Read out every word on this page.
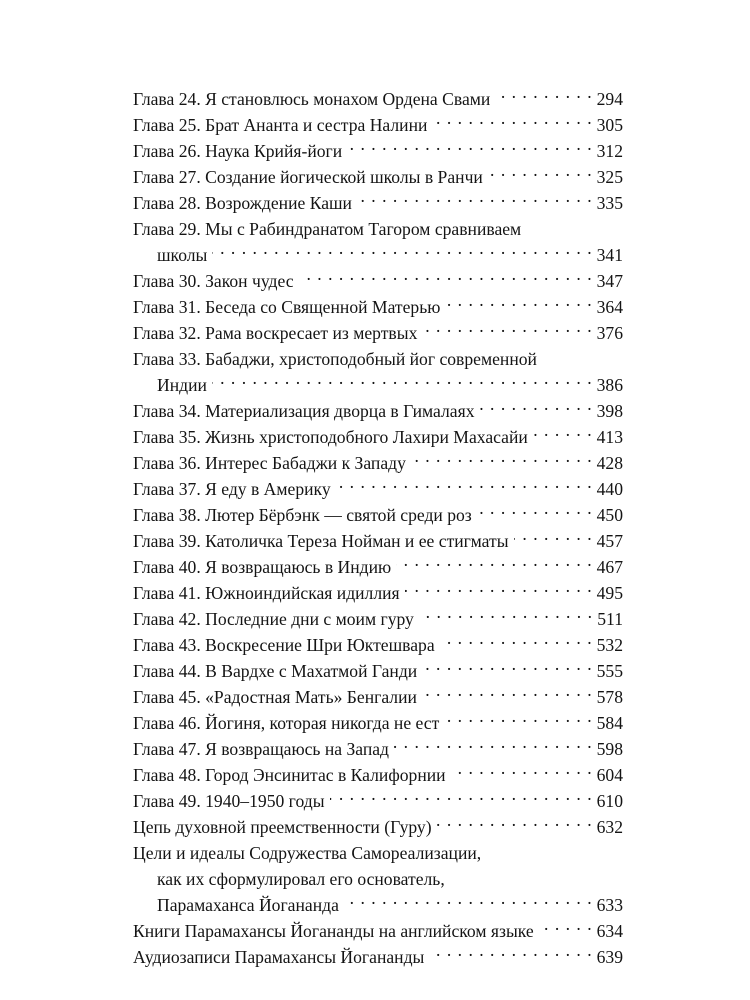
Глава 24. Я становлюсь монахом Ордена Свами . . .	294
Глава 25. Брат Ананта и сестра Налини . . .	305
Глава 26. Наука Крийя-йоги . . .	312
Глава 27. Создание йогической школы в Ранчи . . .	325
Глава 28. Возрождение Каши . . .	335
Глава 29. Мы с Рабиндранатом Тагором сравниваем
школы . . .	341
Глава 30. Закон чудес . . .	347
Глава 31. Беседа со Священной Матерью . . .	364
Глава 32. Рама воскресает из мертвых . . .	376
Глава 33. Бабаджи, христоподобный йог современной
Индии . . .	386
Глава 34. Материализация дворца в Гималаях . . .	398
Глава 35. Жизнь христоподобного Лахири Махасайи . . .	413
Глава 36. Интерес Бабаджи к Западу . . .	428
Глава 37. Я еду в Америку . . .	440
Глава 38. Лютер Бёрбэнк — святой среди роз . . .	450
Глава 39. Католичка Тереза Нойман и ее стигматы . . .	457
Глава 40. Я возвращаюсь в Индию . . .	467
Глава 41. Южноиндийская идиллия . . .	495
Глава 42. Последние дни с моим гуру . . .	511
Глава 43. Воскресение Шри Юктешвара . . .	532
Глава 44. В Вардхе с Махатмой Ганди . . .	555
Глава 45. «Радостная Мать» Бенгалии . . .	578
Глава 46. Йогиня, которая никогда не ест . . .	584
Глава 47. Я возвращаюсь на Запад . . .	598
Глава 48. Город Энсинитас в Калифорнии . . .	604
Глава 49. 1940–1950 годы . . .	610
Цепь духовной преемственности (Гуру) . . .	632
Цели и идеалы Содружества Самореализации,
как их сформулировал его основатель,
Парамаханса Йогананда . . .	633
Книги Парамахансы Йогананды на английском языке . . .	634
Аудиозаписи Парамахансы Йогананды . . .	639
